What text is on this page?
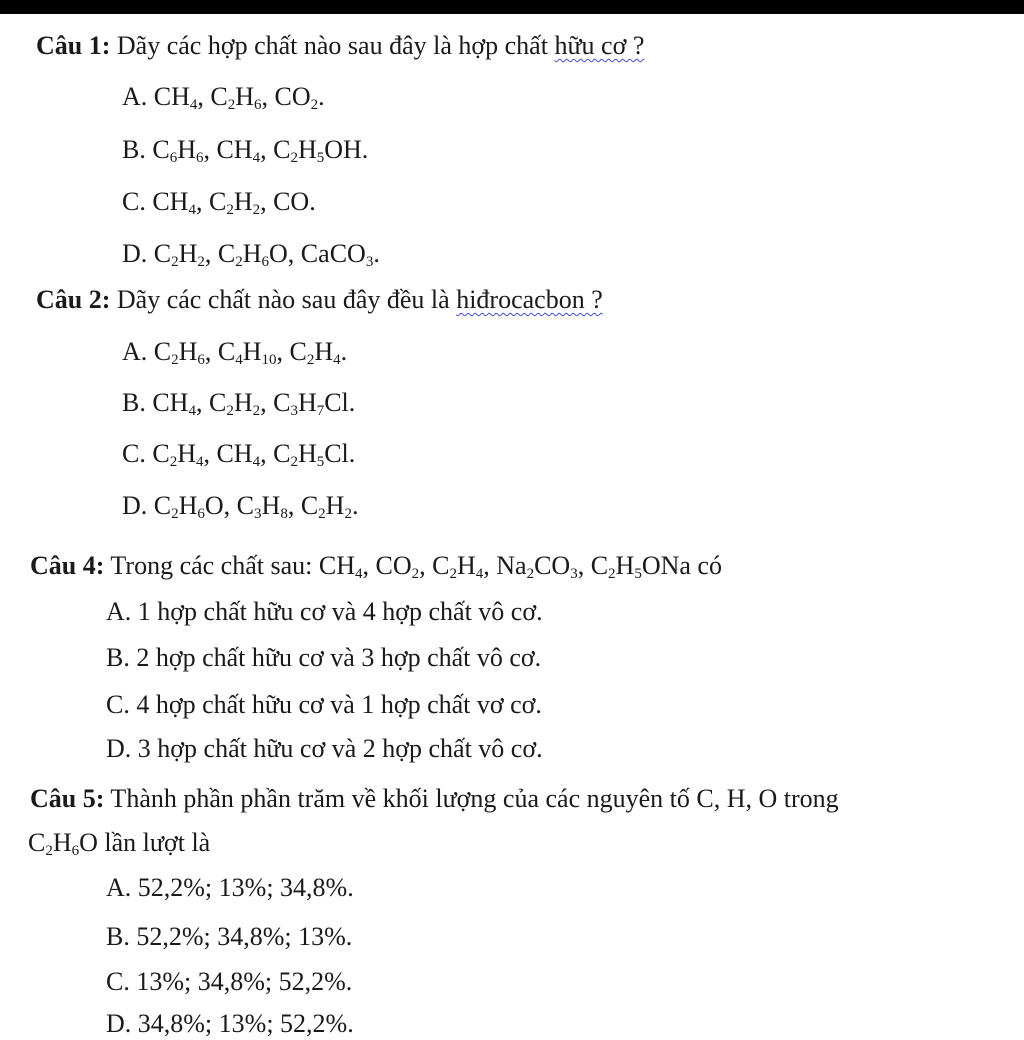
Câu 1: Dãy các hợp chất nào sau đây là hợp chất hữu cơ ?
A. $CH_4$, $C_2H_6$, $CO_2$.
B. $C_6H_6$, $CH_4$, $C_2H_5OH$.
C. $CH_4$, $C_2H_2$, CO.
D. $C_2H_2$, $C_2H_6O$, CaCO$_3$.
Câu 2: Dãy các chất nào sau đây đều là hiđrocacbon ?
A. $C_2H_6$, $C_4H_{10}$, $C_2H_4$.
B. $CH_4$, $C_2H_2$, $C_3H_7Cl$.
C. $C_2H_4$, $CH_4$, $C_2H_5Cl$.
D. $C_2H_6O$, $C_3H_8$, $C_2H_2$.
Câu 4: Trong các chất sau: $CH_4$, $CO_2$, $C_2H_4$, $Na_2CO_3$, $C_2H_5ONa$ có
A. 1 hợp chất hữu cơ và 4 hợp chất vô cơ.
B. 2 hợp chất hữu cơ và 3 hợp chất vô cơ.
C. 4 hợp chất hữu cơ và 1 hợp chất vơ cơ.
D. 3 hợp chất hữu cơ và 2 hợp chất vô cơ.
Câu 5: Thành phần phần trăm về khối lượng của các nguyên tố C, H, O trong
$C_2H_6O$ lần lượt là
A. 52,2%; 13%; 34,8%.
B. 52,2%; 34,8%; 13%.
C. 13%; 34,8%; 52,2%.
D. 34,8%; 13%; 52,2%.
